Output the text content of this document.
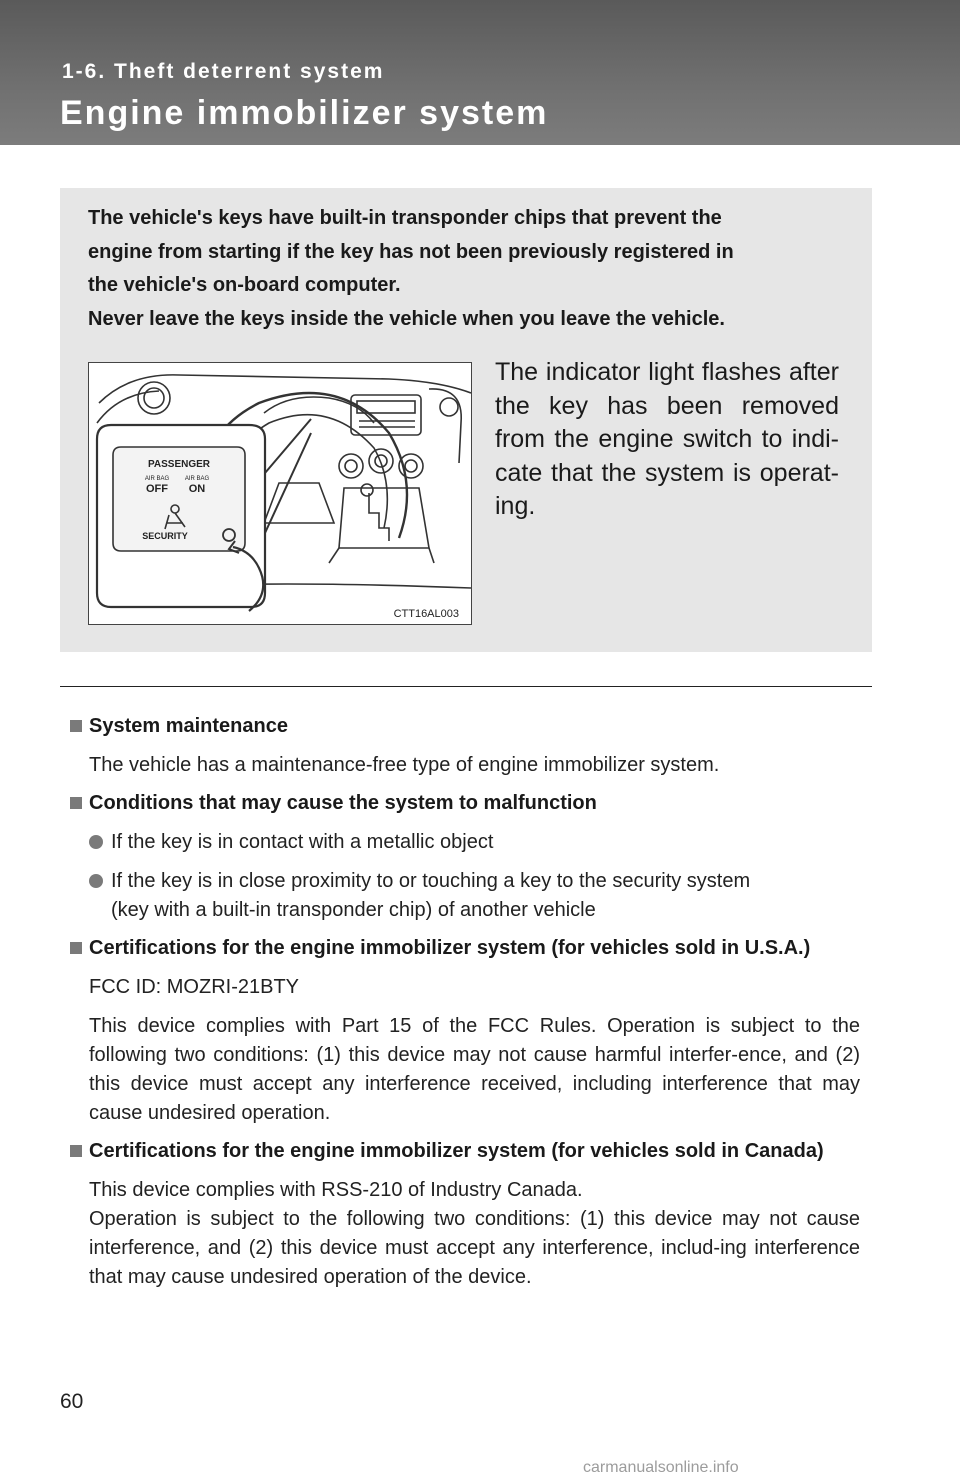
1-6. Theft deterrent system
Engine immobilizer system

The vehicle's keys have built-in transponder chips that prevent the
engine from starting if the key has not been previously registered in
the vehicle's on-board computer.
Never leave the keys inside the vehicle when you leave the vehicle.

PASSENGER
AIR BAG	AIR BAG
OFF ON
SECURITY
CTT16AL003

The indicator light flashes after the key has been removed from the engine switch to indi-cate that the system is operat-ing.

System maintenance

The vehicle has a maintenance-free type of engine immobilizer system.

Conditions that may cause the system to malfunction

If the key is in contact with a metallic object

If the key is in close proximity to or touching a key to the security system
(key with a built-in transponder chip) of another vehicle

Certifications for the engine immobilizer system (for vehicles sold in U.S.A.)

FCC ID: MOZRI-21BTY

This device complies with Part 15 of the FCC Rules. Operation is subject to the following two conditions: (1) this device may not cause harmful interfer-ence, and (2) this device must accept any interference received, including interference that may cause undesired operation.

Certifications for the engine immobilizer system (for vehicles sold in Canada)

This device complies with RSS-210 of Industry Canada.

Operation is subject to the following two conditions: (1) this device may not cause interference, and (2) this device must accept any interference, includ-ing interference that may cause undesired operation of the device.

60
carmanualsonline.info
